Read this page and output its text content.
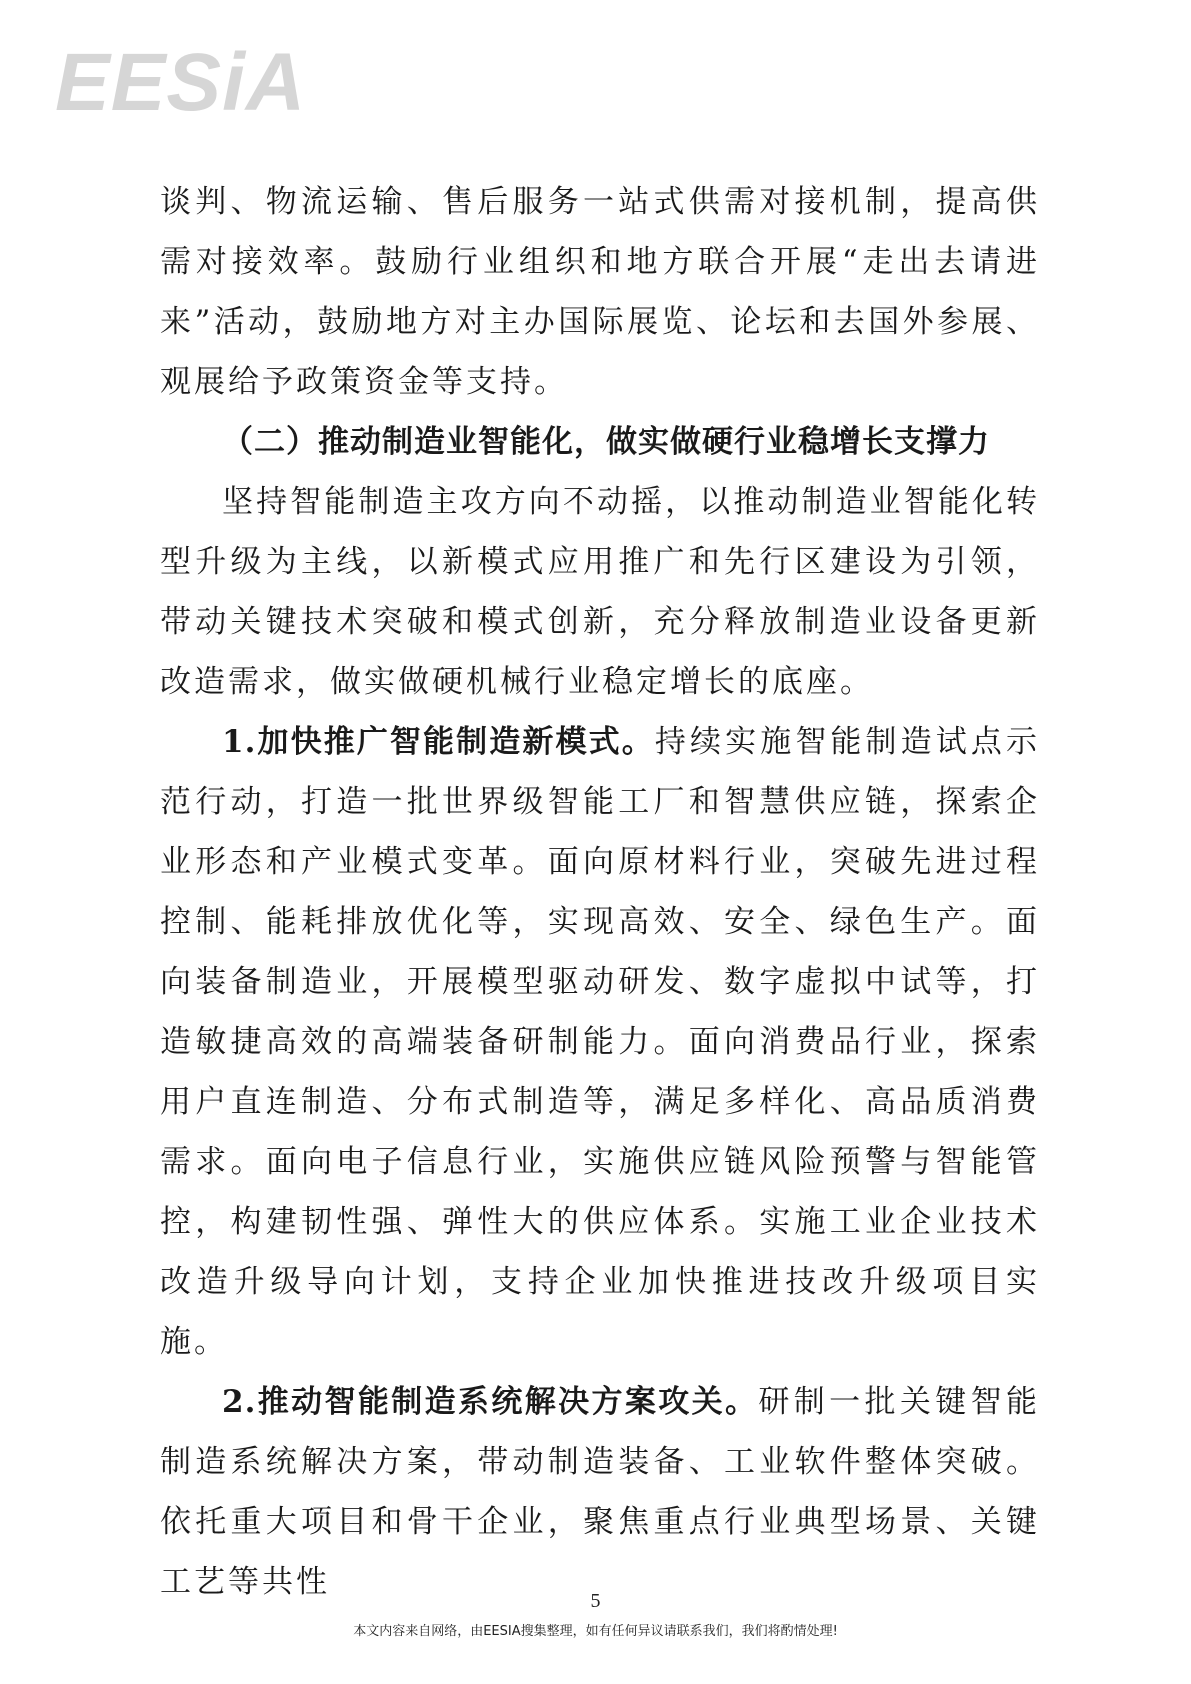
EESiA

谈判、物流运输、售后服务一站式供需对接机制，提高供需对接效率。鼓励行业组织和地方联合开展“走出去请进来”活动，鼓励地方对主办国际展览、论坛和去国外参展、观展给予政策资金等支持。

（二）推动制造业智能化，做实做硬行业稳增长支撑力

坚持智能制造主攻方向不动摇，以推动制造业智能化转型升级为主线，以新模式应用推广和先行区建设为引领，带动关键技术突破和模式创新，充分释放制造业设备更新改造需求，做实做硬机械行业稳定增长的底座。

1.加快推广智能制造新模式。持续实施智能制造试点示范行动，打造一批世界级智能工厂和智慧供应链，探索企业形态和产业模式变革。面向原材料行业，突破先进过程控制、能耗排放优化等，实现高效、安全、绿色生产。面向装备制造业，开展模型驱动研发、数字虚拟中试等，打造敏捷高效的高端装备研制能力。面向消费品行业，探索用户直连制造、分布式制造等，满足多样化、高品质消费需求。面向电子信息行业，实施供应链风险预警与智能管控，构建韧性强、弹性大的供应体系。实施工业企业技术改造升级导向计划，支持企业加快推进技改升级项目实施。

2.推动智能制造系统解决方案攻关。研制一批关键智能制造系统解决方案，带动制造装备、工业软件整体突破。依托重大项目和骨干企业，聚焦重点行业典型场景、关键工艺等共性

5
本文内容来自网络，由EESIA搜集整理，如有任何异议请联系我们，我们将酌情处理!
